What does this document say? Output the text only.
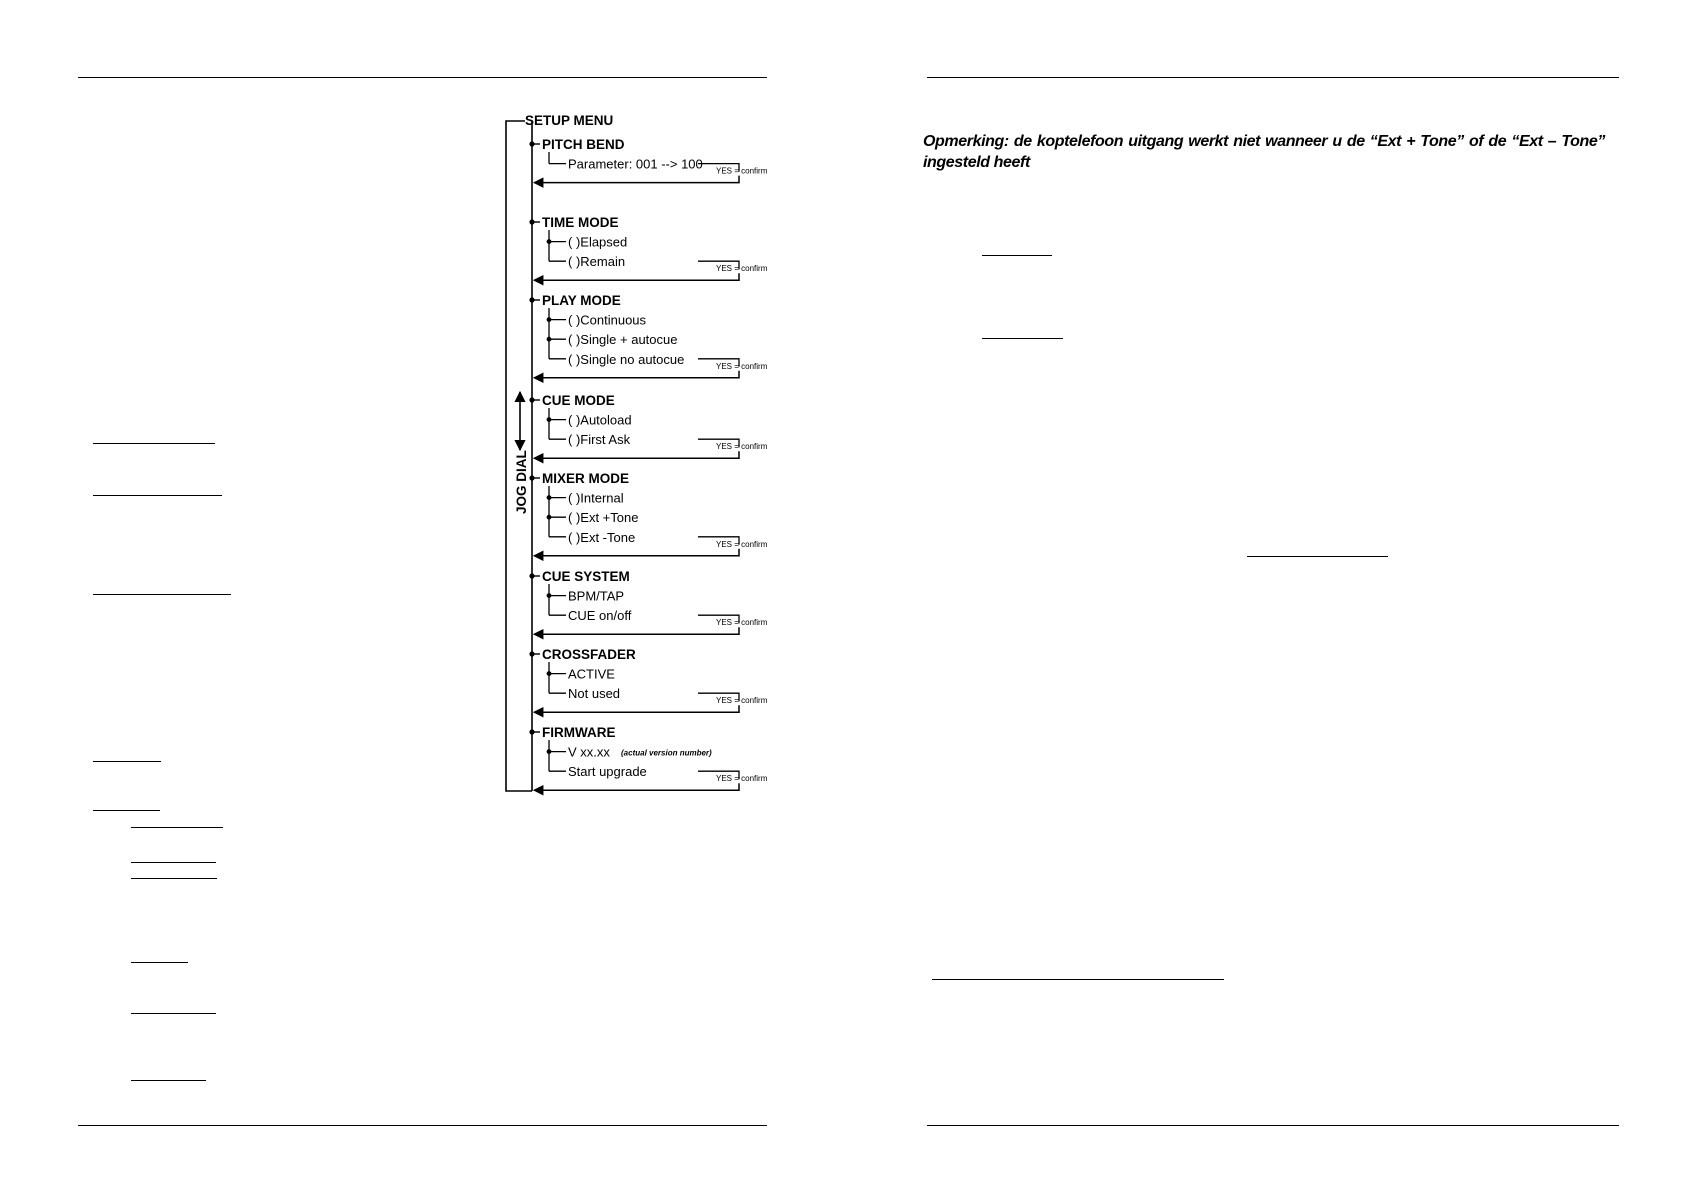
SETUP MENU
JOG DIAL
PITCH BEND
Parameter: 001 --> 100 YES = confirm
TIME MODE
( )Elapsed
( )Remain	YES = confirm
PLAY MODE
( )Continuous
( )Single + autocue
( )Single no autocue	YES = confirm
CUE MODE
( )Autoload
( )First Ask	YES = confirm
MIXER MODE
( )Internal
( )Ext +Tone
( )Ext -Tone	YES = confirm
CUE SYSTEM
BPM/TAP
CUE on/off	YES = confirm
CROSSFADER
ACTIVE
Not used	YES = confirm
FIRMWARE
V xx.xx (actual version number)
Start upgrade	YES = confirm

Opmerking: de koptelefoon uitgang werkt niet wanneer u de “Ext + Tone” of de “Ext – Tone” ingesteld heeft
